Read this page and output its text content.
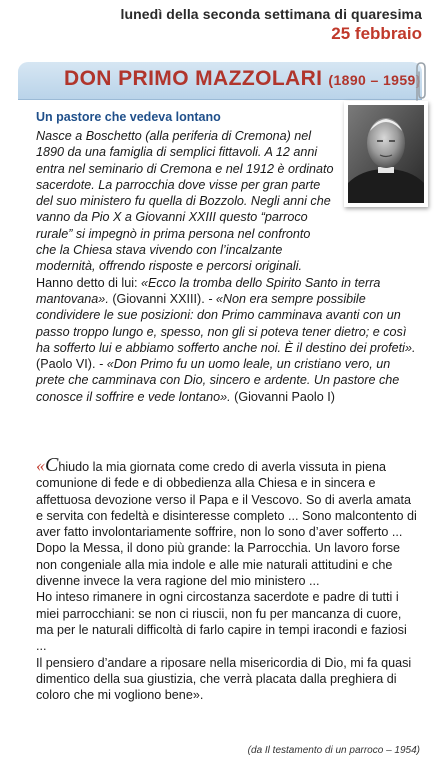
lunedì della seconda settimana di quaresima
25 febbraio
DON PRIMO MAZZOLARI (1890 – 1959)
Un pastore che vedeva lontano

Nasce a Boschetto (alla periferia di Cremona) nel 1890 da una famiglia di semplici fittavoli. A 12 anni entra nel seminario di Cremona e nel 1912 è ordinato sacerdote. La parrocchia dove visse per gran parte del suo ministero fu quella di Bozzolo. Negli anni che vanno da Pio X a Giovanni XXIII questo “parroco rurale” si impegnò in prima persona nel confronto che la Chiesa stava vivendo con l’incalzante modernità, offrendo risposte e percorsi originali.

Hanno detto di lui: «Ecco la tromba dello Spirito Santo in terra mantovana». (Giovanni XXIII). - «Non era sempre possibile condividere le sue posizioni: don Primo camminava avanti con un passo troppo lungo e, spesso, non gli si poteva tener dietro; e così ha sofferto lui e abbiamo sofferto anche noi. È il destino dei profeti». (Paolo VI). - «Don Primo fu un uomo leale, un cristiano vero, un prete che camminava con Dio, sincero e ardente. Un pastore che conosce il soffrire e vede lontano». (Giovanni Paolo I)

«Chiudo la mia giornata come credo di averla vissuta in piena comunione di fede e di obbedienza alla Chiesa e in sincera e affettuosa devozione verso il Papa e il Vescovo. So di averla amata e servita con fedeltà e disinteresse completo ... Sono malcontento di aver fatto involontariamente soffrire, non lo sono d’aver sofferto ...

Dopo la Messa, il dono più grande: la Parrocchia. Un lavoro forse non congeniale alla mia indole e alle mie naturali attitudini e che divenne invece la vera ragione del mio ministero ...

Ho inteso rimanere in ogni circostanza sacerdote e padre di tutti i miei parrocchiani: se non ci riuscii, non fu per mancanza di cuore, ma per le naturali difficoltà di farlo capire in tempi iracondi e faziosi ...

Il pensiero d’andare a riposare nella misericordia di Dio, mi fa quasi dimentico della sua giustizia, che verrà placata dalla preghiera di coloro che mi vogliono bene».

(da Il testamento di un parroco – 1954)
